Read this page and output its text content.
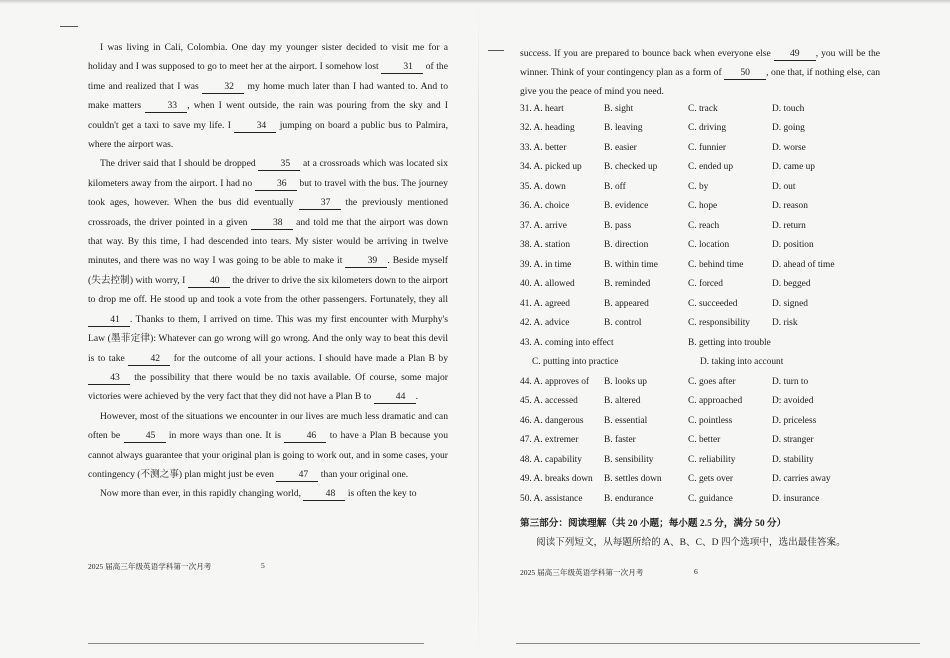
I was living in Cali, Colombia. One day my younger sister decided to visit me for a holiday and I was supposed to go to meet her at the airport. I somehow lost 31 of the time and realized that I was 32 my home much later than I had wanted to. And to make matters 33 , when I went outside, the rain was pouring from the sky and I couldn't get a taxi to save my life. I 34 jumping on board a public bus to Palmira, where the airport was.

The driver said that I should be dropped 35 at a crossroads which was located six kilometers away from the airport. I had no 36 but to travel with the bus. The journey took ages, however. When the bus did eventually 37 the previously mentioned crossroads, the driver pointed in a given 38 and told me that the airport was down that way. By this time, I had descended into tears. My sister would be arriving in twelve minutes, and there was no way I was going to be able to make it 39 . Beside myself (失去控制) with worry, I 40 the driver to drive the six kilometers down to the airport to drop me off. He stood up and took a vote from the other passengers. Fortunately, they all 41 . Thanks to them, I arrived on time. This was my first encounter with Murphy's Law (墨菲定律): Whatever can go wrong will go wrong. And the only way to beat this devil is to take 42 for the outcome of all your actions. I should have made a Plan B by 43 the possibility that there would be no taxis available. Of course, some major victories were achieved by the very fact that they did not have a Plan B to 44 .

However, most of the situations we encounter in our lives are much less dramatic and can often be 45 in more ways than one. It is 46 to have a Plan B because you cannot always guarantee that your original plan is going to work out, and in some cases, your contingency (不测之事) plan might just be even 47 than your original one.

Now more than ever, in this rapidly changing world, 48 is often the key to

2025 届高三年级英语学科第一次月考	5

success. If you are prepared to bounce back when everyone else 49 , you will be the winner. Think of your contingency plan as a form of 50 , one that, if nothing else, can give you the peace of mind you need.

31. A. heart	B. sight	C. track	D. touch
32. A. heading	B. leaving	C. driving	D. going
33. A. better	B. easier	C. funnier	D. worse
34. A. picked up	B. checked up	C. ended up	D. came up
35. A. down	B. off	C. by	D. out
36. A. choice	B. evidence	C. hope	D. reason
37. A. arrive	B. pass	C. reach	D. return
38. A. station	B. direction	C. location	D. position
39. A. in time	B. within time	C. behind time	D. ahead of time
40. A. allowed	B. reminded	C. forced	D. begged
41. A. agreed	B. appeared	C. succeeded	D. signed
42. A. advice	B. control	C. responsibility	D. risk
43. A. coming into effect	B. getting into trouble
C. putting into practice	D. taking into account
44. A. approves of	B. looks up	C. goes after	D. turn to
45. A. accessed	B. altered	C. approached	D: avoided
46. A. dangerous	B. essential	C. pointless	D. priceless
47. A. extremer	B. faster	C. better	D. stranger
48. A. capability	B. sensibility	C. reliability	D. stability
49. A. breaks down	B. settles down	C. gets over	D. carries away
50. A. assistance	B. endurance	C. guidance	D. insurance
第三部分：阅读理解（共 20 小题；每小题 2.5 分，满分 50 分）
阅读下列短文，从每题所给的 A、B、C、D 四个选项中，选出最佳答案。
2025 届高三年级英语学科第一次月考	6
